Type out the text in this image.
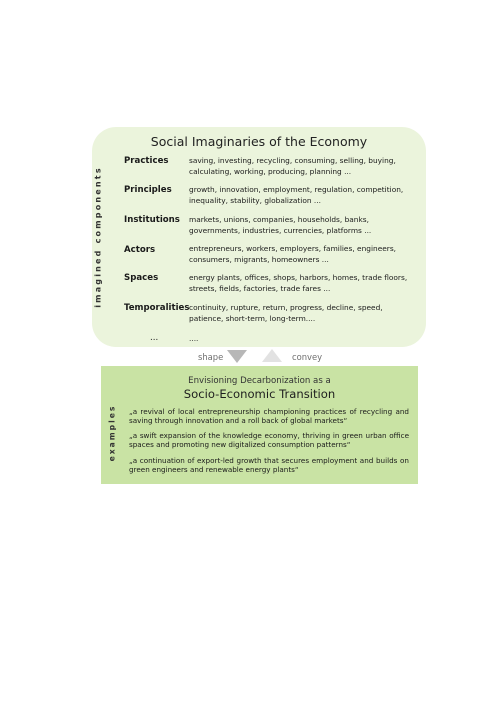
Social Imaginaries of the Economy
imagined components
Practices	saving, investing, recycling, consuming, selling, buying, calculating, working, producing, planning ...
Principles growth, innovation, employment, regulation, competition, inequality, stability, globalization ...
Institutions markets, unions, companies, households, banks, governments, industries, currencies, platforms ...
Actors	entrepreneurs, workers, employers, families, engineers, consumers, migrants, homeowners ...
Spaces	energy plants, offices, shops, harbors, homes, trade floors, streets, fields, factories, trade fares ...
Temporalities continuity, rupture, return, progress, decline, speed, patience, short-term, long-term....
...	....
shape	convey
Envisioning Decarbonization as a
Socio-Economic Transition
examples „a revival of local entrepreneurship championing practices of recycling and saving through innovation and a roll back of global markets“
„a swift expansion of the knowledge economy, thriving in green urban office spaces and promoting new digitalized consumption patterns“
„a continuation of export-led growth that secures employment and builds on green engineers and renewable energy plants“
